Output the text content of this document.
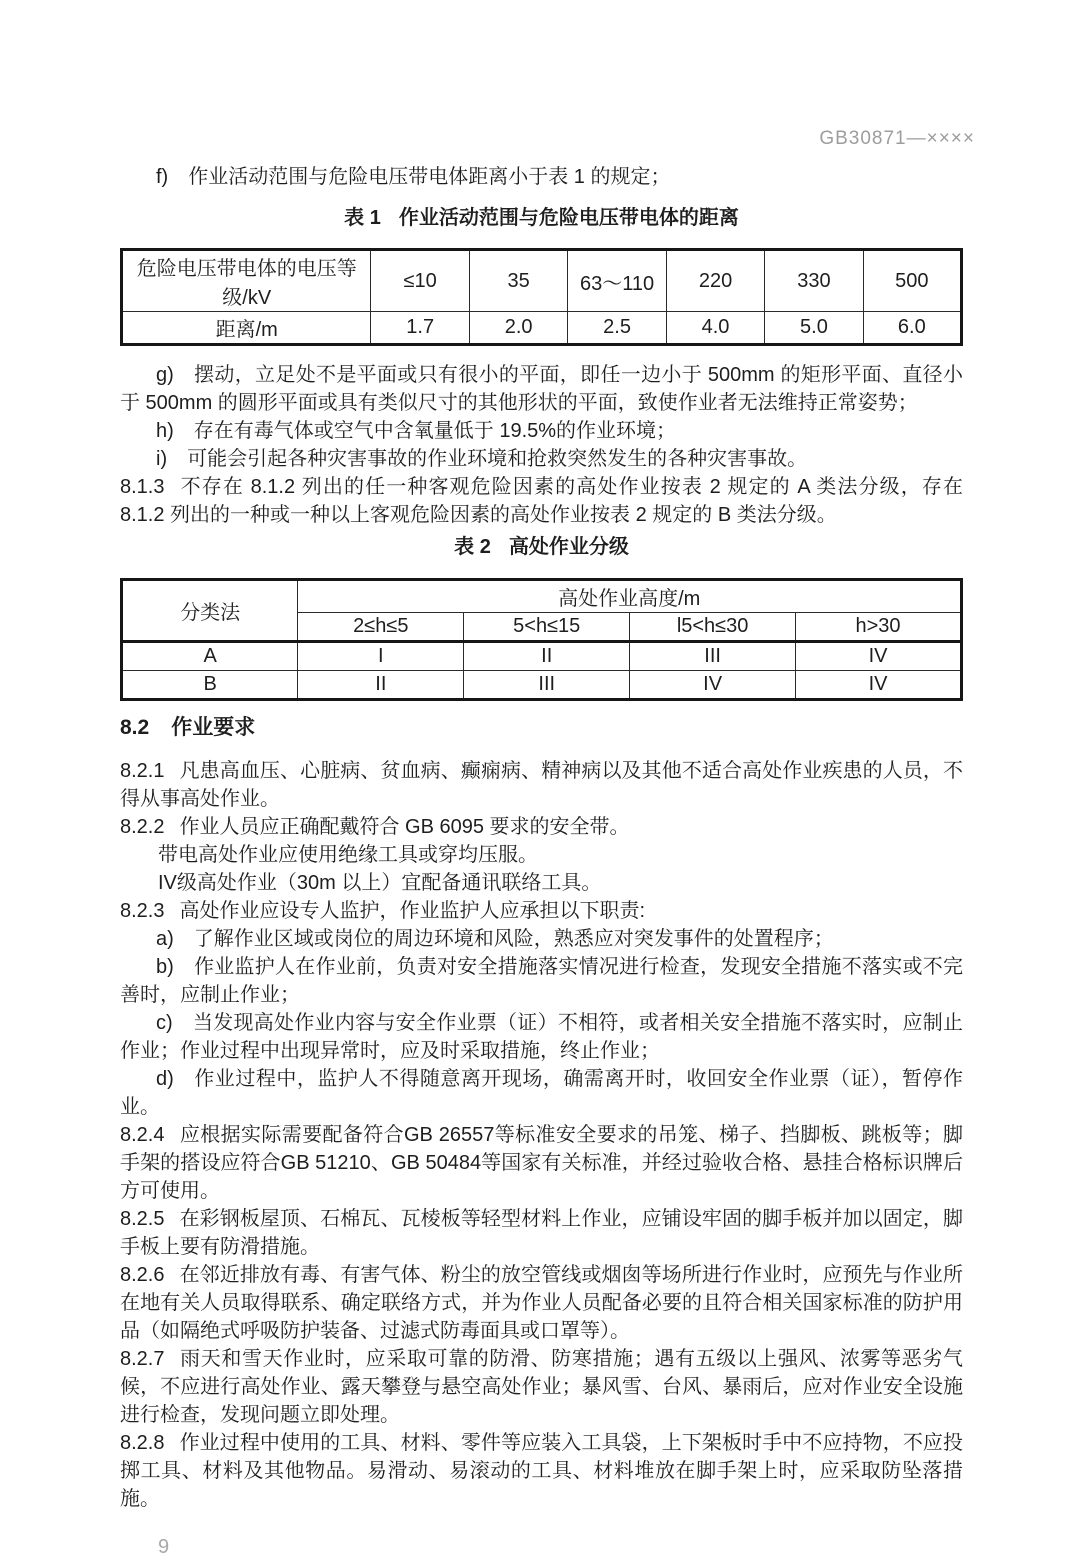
GB30871—××××

f) 作业活动范围与危险电压带电体距离小于表 1 的规定；

表 1 作业活动范围与危险电压带电体的距离

危险电压带电体的电压等级/kV	≤10	35	63～110	220	330	500
距离/m	1.7	2.0	2.5	4.0	5.0	6.0

g) 摆动，立足处不是平面或只有很小的平面，即任一边小于 500mm 的矩形平面、直径小于 500mm 的圆形平面或具有类似尺寸的其他形状的平面，致使作业者无法维持正常姿势；

h) 存在有毒气体或空气中含氧量低于 19.5%的作业环境；

i) 可能会引起各种灾害事故的作业环境和抢救突然发生的各种灾害事故。

8.1.3 不存在 8.1.2 列出的任一种客观危险因素的高处作业按表 2 规定的 A 类法分级，存在 8.1.2 列出的一种或一种以上客观危险因素的高处作业按表 2 规定的 B 类法分级。

表 2 高处作业分级

分类法	高处作业高度/m			
	2≤h≤5	5<h≤15	l5<h≤30	h>30
A	I	II	III	IV
B	II	III	IV	IV

8.2 作业要求

8.2.1 凡患高血压、心脏病、贫血病、癫痫病、精神病以及其他不适合高处作业疾患的人员，不得从事高处作业。

8.2.2 作业人员应正确配戴符合 GB 6095 要求的安全带。

带电高处作业应使用绝缘工具或穿均压服。

IV级高处作业（30m 以上）宜配备通讯联络工具。

8.2.3 高处作业应设专人监护，作业监护人应承担以下职责:

a) 了解作业区域或岗位的周边环境和风险，熟悉应对突发事件的处置程序；

b) 作业监护人在作业前，负责对安全措施落实情况进行检查，发现安全措施不落实或不完善时，应制止作业；

c) 当发现高处作业内容与安全作业票（证）不相符，或者相关安全措施不落实时，应制止作业；作业过程中出现异常时，应及时采取措施，终止作业；

d) 作业过程中，监护人不得随意离开现场，确需离开时，收回安全作业票（证），暂停作业。

8.2.4 应根据实际需要配备符合GB 26557等标准安全要求的吊笼、梯子、挡脚板、跳板等；脚手架的搭设应符合GB 51210、GB 50484等国家有关标准，并经过验收合格、悬挂合格标识牌后方可使用。

8.2.5 在彩钢板屋顶、石棉瓦、瓦棱板等轻型材料上作业，应铺设牢固的脚手板并加以固定，脚手板上要有防滑措施。

8.2.6 在邻近排放有毒、有害气体、粉尘的放空管线或烟囱等场所进行作业时，应预先与作业所在地有关人员取得联系、确定联络方式，并为作业人员配备必要的且符合相关国家标准的防护用品（如隔绝式呼吸防护装备、过滤式防毒面具或口罩等）。

8.2.7 雨天和雪天作业时，应采取可靠的防滑、防寒措施；遇有五级以上强风、浓雾等恶劣气候，不应进行高处作业、露天攀登与悬空高处作业；暴风雪、台风、暴雨后，应对作业安全设施进行检查，发现问题立即处理。

8.2.8 作业过程中使用的工具、材料、零件等应装入工具袋，上下架板时手中不应持物，不应投掷工具、材料及其他物品。易滑动、易滚动的工具、材料堆放在脚手架上时，应采取防坠落措施。

9
